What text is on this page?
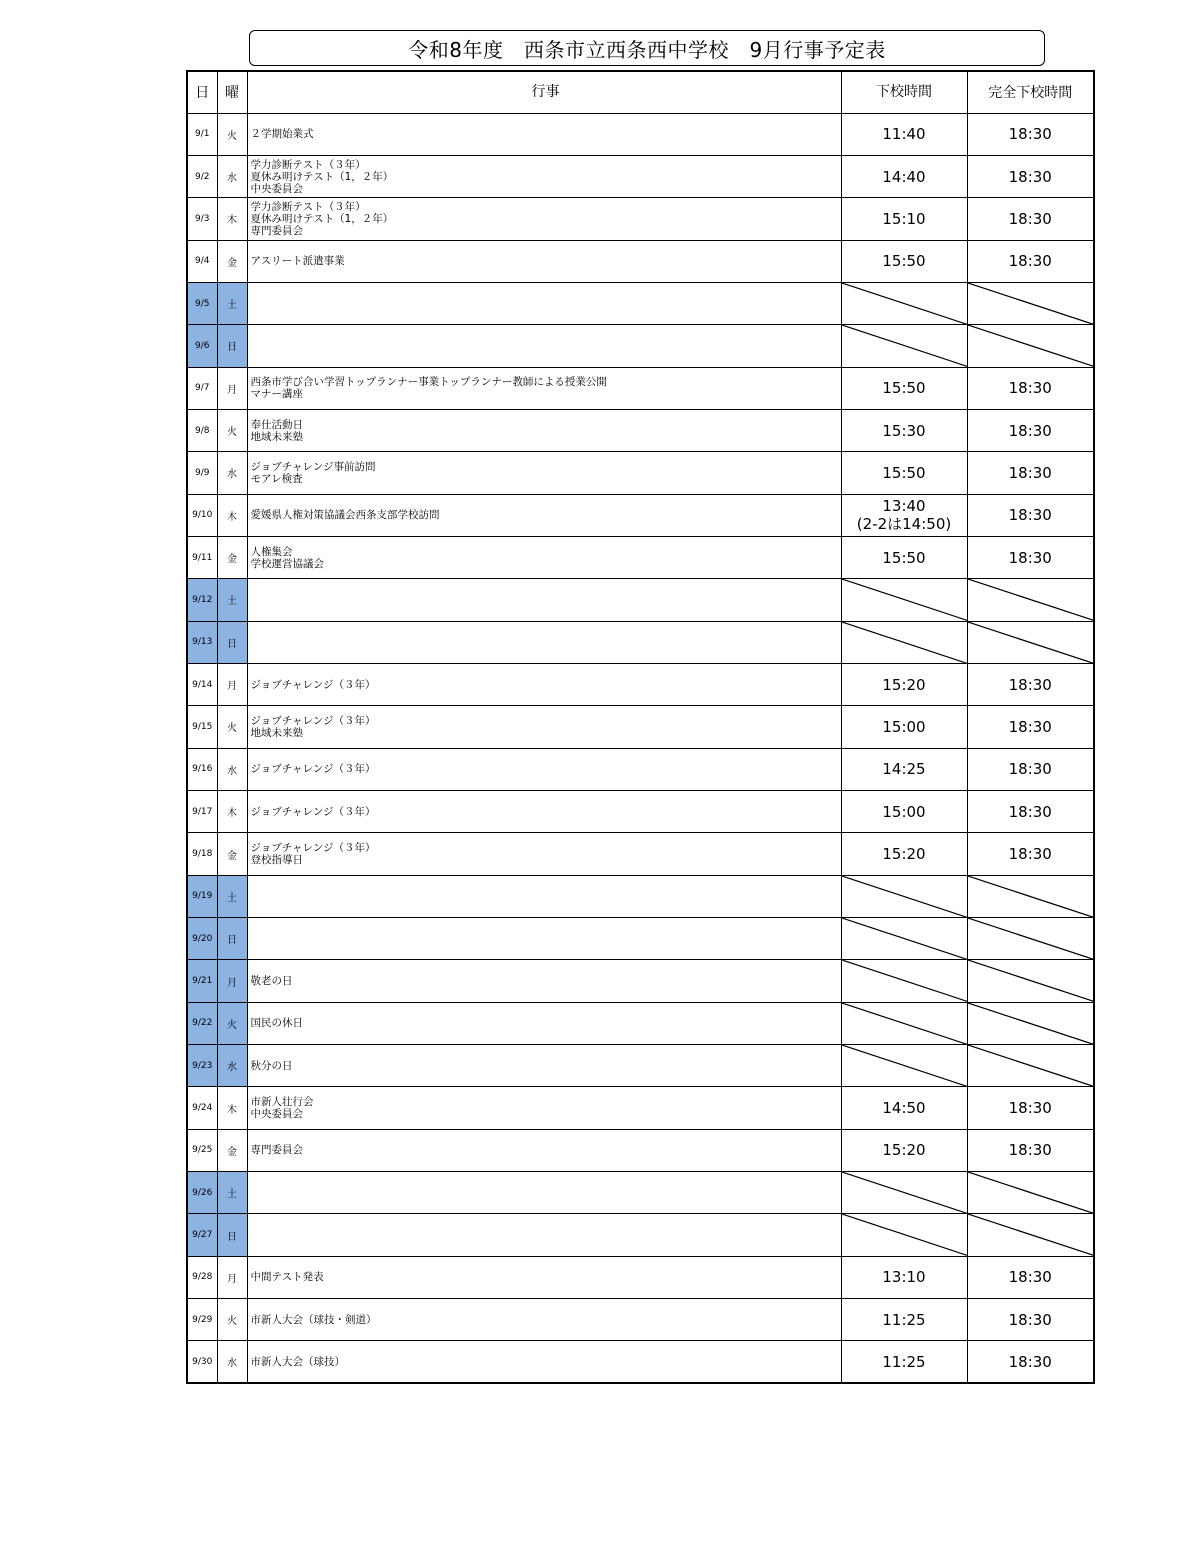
令和8年度　西条市立西条西中学校　9月行事予定表
日	曜	行事	下校時間	完全下校時間
9/1	火	２学期始業式	11:40	18:30
9/2	水	学力診断テスト（３年）
夏休み明けテスト（1，２年）
中央委員会	14:40	18:30
9/3	木	学力診断テスト（３年）
夏休み明けテスト（1，２年）
専門委員会	15:10	18:30
9/4	金	アスリート派遣事業	15:50	18:30
9/5	土		

9/6	日		

9/7	月	西条市学び合い学習トップランナー事業トップランナー教師による授業公開
マナー講座	15:50	18:30
9/8	火	奉仕活動日
地域未来塾	15:30	18:30
9/9	水	ジョブチャレンジ事前訪問
モアレ検査	15:50	18:30
9/10	木	愛媛県人権対策協議会西条支部学校訪問	13:40
(2-2は14:50)	18:30
9/11	金	人権集会
学校運営協議会	15:50	18:30
9/12	土		

9/13	日		

9/14	月	ジョブチャレンジ（３年）	15:20	18:30
9/15	火	ジョブチャレンジ（３年）
地域未来塾	15:00	18:30
9/16	水	ジョブチャレンジ（３年）	14:25	18:30
9/17	木	ジョブチャレンジ（３年）	15:00	18:30
9/18	金	ジョブチャレンジ（３年）
登校指導日	15:20	18:30
9/19	土		

9/20	日		

9/21	月	敬老の日

9/22	火	国民の休日

9/23	水	秋分の日

9/24	木	市新人壮行会
中央委員会	14:50	18:30
9/25	金	専門委員会	15:20	18:30
9/26	土		

9/27	日		

9/28	月	中間テスト発表	13:10	18:30
9/29	火	市新人大会（球技・剣道）	11:25	18:30
9/30	水	市新人大会（球技）	11:25	18:30
